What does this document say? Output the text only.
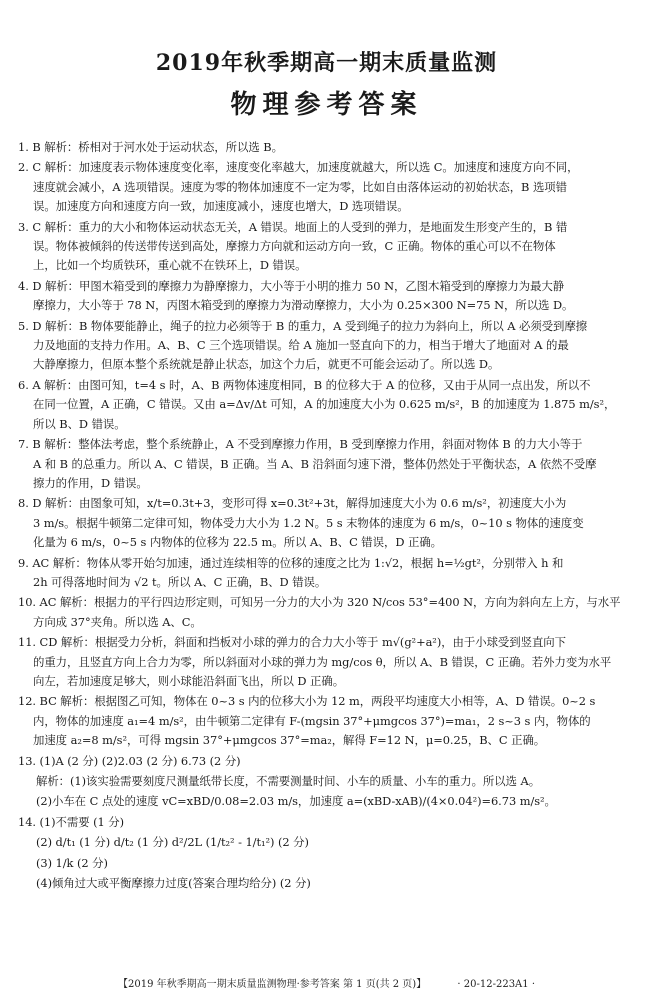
2019年秋季期高一期末质量监测
物理参考答案
1. B 解析：桥相对于河水处于运动状态，所以选 B。
2. C 解析：加速度表示物体速度变化率，速度变化率越大，加速度就越大，所以选 C。加速度和速度方向不同，
速度就会减小，A 选项错误。速度为零的物体加速度不一定为零，比如自由落体运动的初始状态，B 选项错
误。加速度方向和速度方向一致，加速度减小，速度也增大，D 选项错误。
3. C 解析：重力的大小和物体运动状态无关，A 错误。地面上的人受到的弹力，是地面发生形变产生的，B 错
误。物体被倾斜的传送带传送到高处，摩擦力方向就和运动方向一致，C 正确。物体的重心可以不在物体
上，比如一个均质铁环，重心就不在铁环上，D 错误。
4. D 解析：甲图木箱受到的摩擦力为静摩擦力，大小等于小明的推力 50 N，乙图木箱受到的摩擦力为最大静
摩擦力，大小等于 78 N，丙图木箱受到的摩擦力为滑动摩擦力，大小为 0.25×300 N=75 N，所以选 D。
5. D 解析：B 物体要能静止，绳子的拉力必须等于 B 的重力，A 受到绳子的拉力为斜向上，所以 A 必须受到摩擦
力及地面的支持力作用。A、B、C 三个选项错误。给 A 施加一竖直向下的力，相当于增大了地面对 A 的最
大静摩擦力，但原本整个系统就是静止状态，加这个力后，就更不可能会运动了。所以选 D。
6. A 解析：由图可知，t=4 s 时，A、B 两物体速度相同，B 的位移大于 A 的位移，又由于从同一点出发，所以不
在同一位置，A 正确，C 错误。又由 a=Δv/Δt 可知，A 的加速度大小为 0.625 m/s²，B 的加速度为 1.875 m/s²，
所以 B、D 错误。
7. B 解析：整体法考虑，整个系统静止，A 不受到摩擦力作用，B 受到摩擦力作用，斜面对物体 B 的力大小等于
A 和 B 的总重力。所以 A、C 错误，B 正确。当 A、B 沿斜面匀速下滑，整体仍然处于平衡状态，A 依然不受摩
擦力的作用，D 错误。
8. D 解析：由图象可知，x/t=0.3t+3，变形可得 x=0.3t²+3t，解得加速度大小为 0.6 m/s²，初速度大小为
3 m/s。根据牛顿第二定律可知，物体受力大小为 1.2 N。5 s 末物体的速度为 6 m/s，0~10 s 物体的速度变
化量为 6 m/s，0~5 s 内物体的位移为 22.5 m。所以 A、B、C 错误，D 正确。
9. AC 解析：物体从零开始匀加速，通过连续相等的位移的速度之比为 1:√2，根据 h=½gt²，分别带入 h 和
2h 可得落地时间为 √2 t。所以 A、C 正确，B、D 错误。
10. AC 解析：根据力的平行四边形定则，可知另一分力的大小为 320 N/cos 53°=400 N，方向为斜向左上方，与水平
方向成 37°夹角。所以选 A、C。
11. CD 解析：根据受力分析，斜面和挡板对小球的弹力的合力大小等于 m√(g²+a²)，由于小球受到竖直向下
的重力，且竖直方向上合力为零，所以斜面对小球的弹力为 mg/cos θ，所以 A、B 错误，C 正确。若外力变为水平
向左，若加速度足够大，则小球能沿斜面飞出，所以 D 正确。
12. BC 解析：根据图乙可知，物体在 0~3 s 内的位移大小为 12 m，两段平均速度大小相等，A、D 错误。0~2 s
内，物体的加速度 a₁=4 m/s²，由牛顿第二定律有 F-(mgsin 37°+μmgcos 37°)=ma₁，2 s~3 s 内，物体的
加速度 a₂=8 m/s²，可得 mgsin 37°+μmgcos 37°=ma₂，解得 F=12 N，μ=0.25，B、C 正确。
13. (1)A (2 分) (2)2.03 (2 分) 6.73 (2 分)
解析：(1)该实验需要刻度尺测量纸带长度，不需要测量时间、小车的质量、小车的重力。所以选 A。
(2)小车在 C 点处的速度 vC=xBD/0.08=2.03 m/s，加速度 a=(xBD-xAB)/(4×0.04²)=6.73 m/s²。
14. (1)不需要 (1 分)
(2) d/t₁ (1 分) d/t₂ (1 分) d²/2L (1/t₂² - 1/t₁²) (2 分)
(3) 1/k (2 分)
(4)倾角过大或平衡摩擦力过度(答案合理均给分) (2 分)
【2019 年秋季期高一期末质量监测物理·参考答案 第 1 页(共 2 页)】	· 20-12-223A1 ·
